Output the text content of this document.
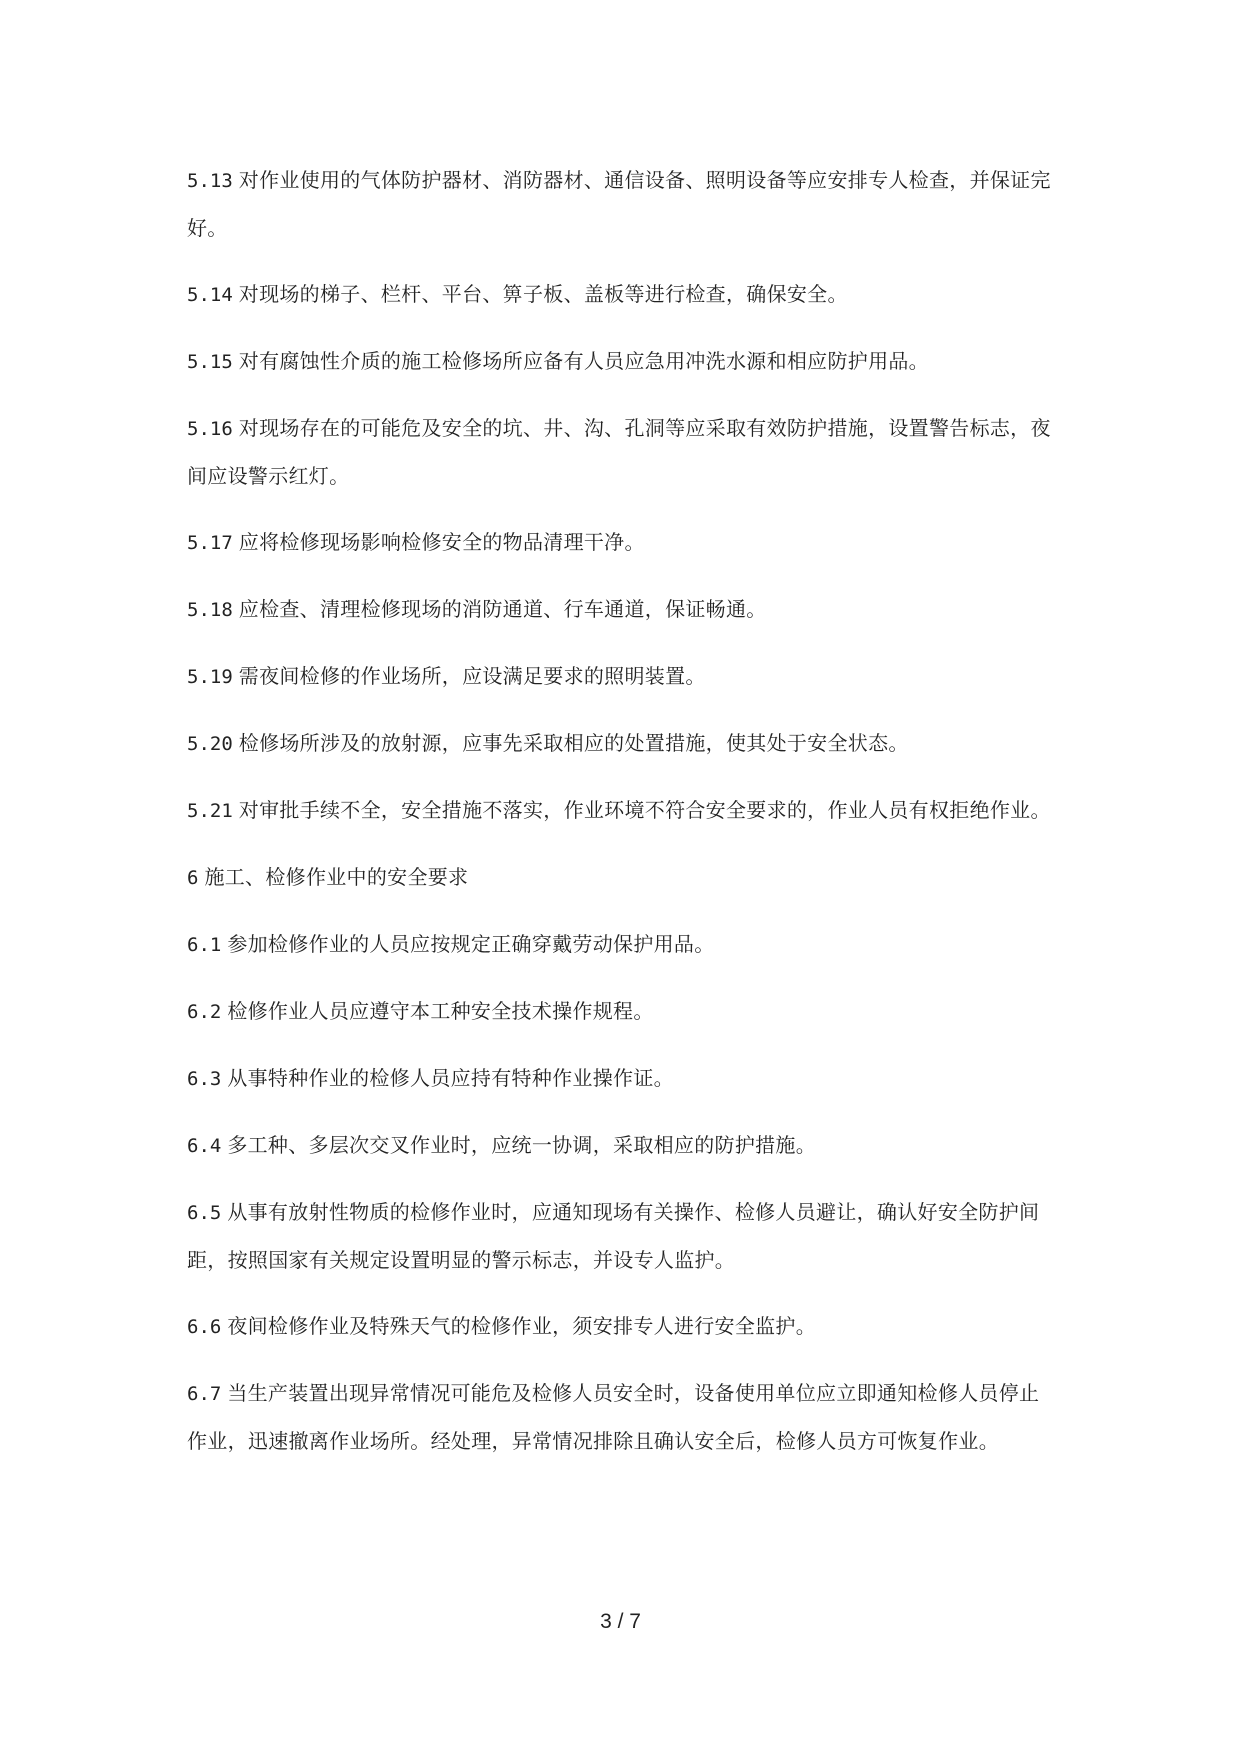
5.13 对作业使用的气体防护器材、消防器材、通信设备、照明设备等应安排专人检查，并保证完好。

5.14 对现场的梯子、栏杆、平台、箅子板、盖板等进行检查，确保安全。

5.15 对有腐蚀性介质的施工检修场所应备有人员应急用冲洗水源和相应防护用品。

5.16 对现场存在的可能危及安全的坑、井、沟、孔洞等应采取有效防护措施，设置警告标志，夜间应设警示红灯。

5.17 应将检修现场影响检修安全的物品清理干净。

5.18 应检查、清理检修现场的消防通道、行车通道，保证畅通。

5.19 需夜间检修的作业场所，应设满足要求的照明装置。

5.20 检修场所涉及的放射源，应事先采取相应的处置措施，使其处于安全状态。

5.21 对审批手续不全，安全措施不落实，作业环境不符合安全要求的，作业人员有权拒绝作业。

6 施工、检修作业中的安全要求

6.1 参加检修作业的人员应按规定正确穿戴劳动保护用品。

6.2 检修作业人员应遵守本工种安全技术操作规程。

6.3 从事特种作业的检修人员应持有特种作业操作证。

6.4 多工种、多层次交叉作业时，应统一协调，采取相应的防护措施。

6.5 从事有放射性物质的检修作业时，应通知现场有关操作、检修人员避让，确认好安全防护间距，按照国家有关规定设置明显的警示标志，并设专人监护。

6.6 夜间检修作业及特殊天气的检修作业，须安排专人进行安全监护。

6.7 当生产装置出现异常情况可能危及检修人员安全时，设备使用单位应立即通知检修人员停止作业，迅速撤离作业场所。经处理，异常情况排除且确认安全后，检修人员方可恢复作业。

3 / 7
